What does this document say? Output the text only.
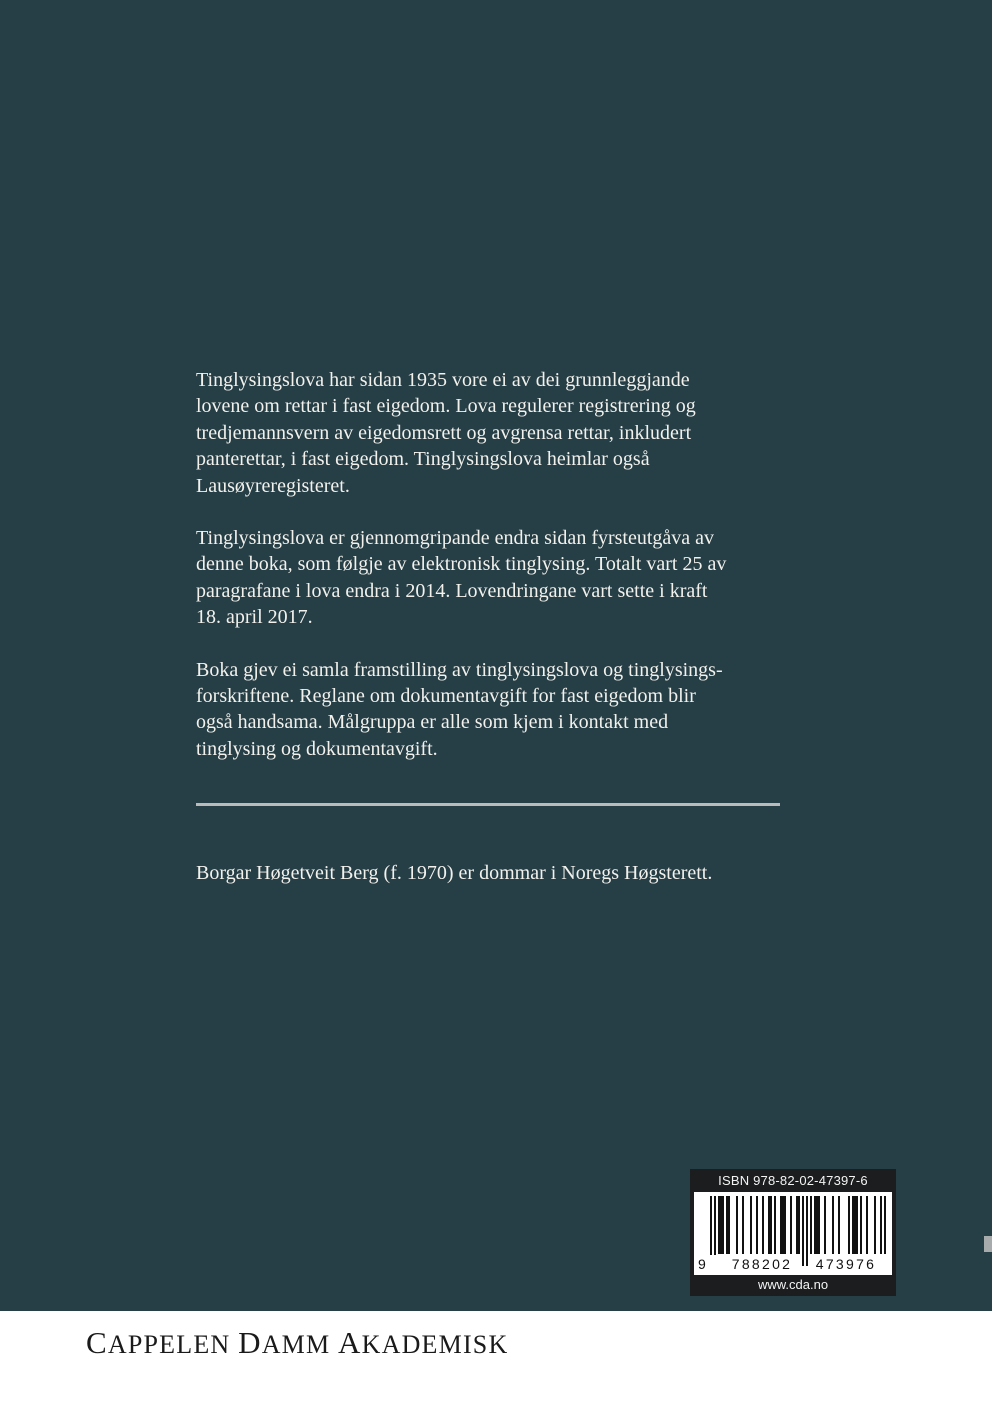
Tinglysingslova har sidan 1935 vore ei av dei grunnleggjande
lovene om rettar i fast eigedom. Lova regulerer registrering og
tredjemannsvern av eigedomsrett og avgrensa rettar, inkludert
panterettar, i fast eigedom. Tinglysingslova heimlar også
Lausøyreregisteret.

Tinglysingslova er gjennomgripande endra sidan fyrsteutgåva av
denne boka, som følgje av elektronisk tinglysing. Totalt vart 25 av
paragrafane i lova endra i 2014. Lovendringane vart sette i kraft
18. april 2017.

Boka gjev ei samla framstilling av tinglysingslova og tinglysings-
forskriftene. Reglane om dokumentavgift for fast eigedom blir
også handsama. Målgruppa er alle som kjem i kontakt med
tinglysing og dokumentavgift.

Borgar Høgetveit Berg (f. 1970) er dommar i Noregs Høgsterett.
ISBN 978-82-02-47397-6
9	788202	473976
www.cda.no
CAPPELEN DAMM AKADEMISK
